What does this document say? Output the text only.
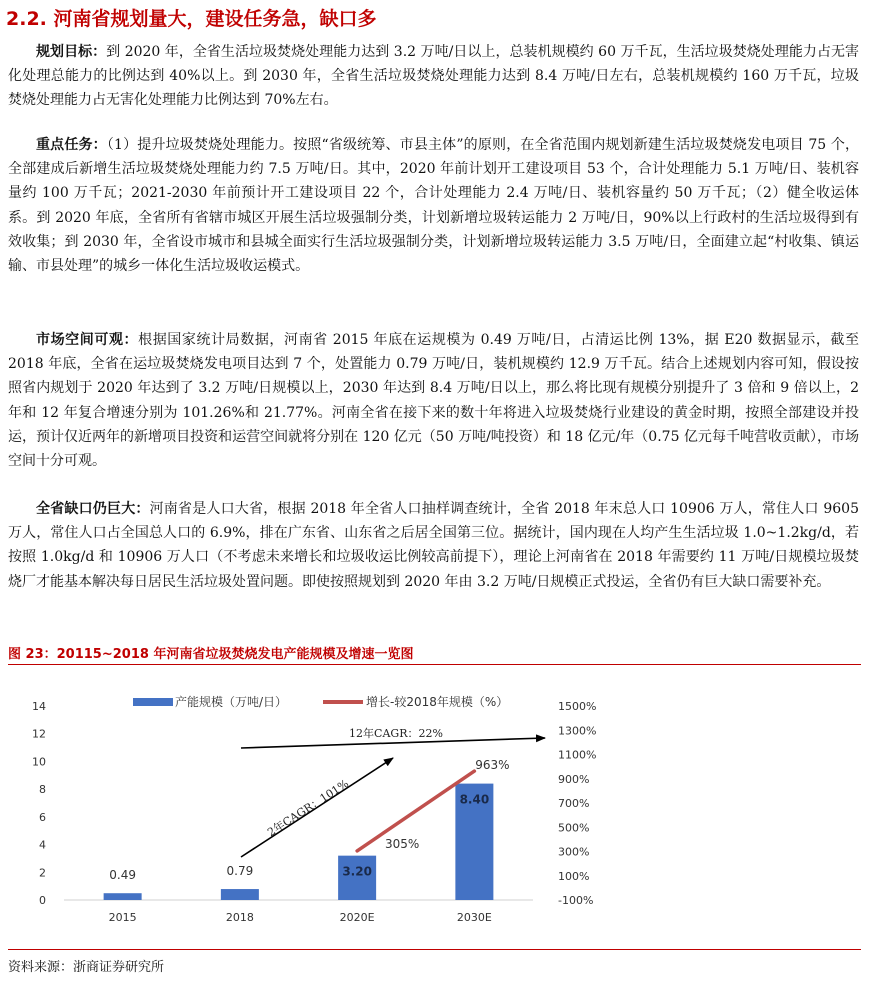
2.2. 河南省规划量大，建设任务急，缺口多

规划目标：到 2020 年，全省生活垃圾焚烧处理能力达到 3.2 万吨/日以上，总装机规模约 60 万千瓦，生活垃圾焚烧处理能力占无害化处理总能力的比例达到 40%以上。到 2030 年，全省生活垃圾焚烧处理能力达到 8.4 万吨/日左右，总装机规模约 160 万千瓦，垃圾焚烧处理能力占无害化处理能力比例达到 70%左右。

重点任务：（1）提升垃圾焚烧处理能力。按照“省级统筹、市县主体”的原则，在全省范围内规划新建生活垃圾焚烧发电项目 75 个，全部建成后新增生活垃圾焚烧处理能力约 7.5 万吨/日。其中，2020 年前计划开工建设项目 53 个，合计处理能力 5.1 万吨/日、装机容量约 100 万千瓦；2021-2030 年前预计开工建设项目 22 个，合计处理能力 2.4 万吨/日、装机容量约 50 万千瓦；（2）健全收运体系。到 2020 年底，全省所有省辖市城区开展生活垃圾强制分类，计划新增垃圾转运能力 2 万吨/日，90%以上行政村的生活垃圾得到有效收集；到 2030 年，全省设市城市和县城全面实行生活垃圾强制分类，计划新增垃圾转运能力 3.5 万吨/日，全面建立起“村收集、镇运输、市县处理”的城乡一体化生活垃圾收运模式。

市场空间可观：根据国家统计局数据，河南省 2015 年底在运规模为 0.49 万吨/日，占清运比例 13%，据 E20 数据显示，截至 2018 年底，全省在运垃圾焚烧发电项目达到 7 个，处置能力 0.79 万吨/日，装机规模约 12.9 万千瓦。结合上述规划内容可知，假设按照省内规划于 2020 年达到了 3.2 万吨/日规模以上，2030 年达到 8.4 万吨/日以上，那么将比现有规模分别提升了 3 倍和 9 倍以上，2 年和 12 年复合增速分别为 101.26%和 21.77%。河南全省在接下来的数十年将进入垃圾焚烧行业建设的黄金时期，按照全部建设并投运，预计仅近两年的新增项目投资和运营空间就将分别在 120 亿元（50 万吨/吨投资）和 18 亿元/年（0.75 亿元每千吨营收贡献），市场空间十分可观。

全省缺口仍巨大：河南省是人口大省，根据 2018 年全省人口抽样调查统计，全省 2018 年末总人口 10906 万人，常住人口 9605 万人，常住人口占全国总人口的 6.9%，排在广东省、山东省之后居全国第三位。据统计，国内现在人均产生生活垃圾 1.0~1.2kg/d，若按照 1.0kg/d 和 10906 万人口（不考虑未来增长和垃圾收运比例较高前提下），理论上河南省在 2018 年需要约 11 万吨/日规模垃圾焚烧厂才能基本解决每日居民生活垃圾处置问题。即使按照规划到 2020 年由 3.2 万吨/日规模正式投运，全省仍有巨大缺口需要补充。

图 23：20115~2018 年河南省垃圾焚烧发电产能规模及增速一览图

0
2
4
6
8
10
12
14
-100%
100%
300%
500%
700%
900%
1100%
1300%
1500%
0.49
2015
0.79
2018
3.20
2020E
8.40
2030E
305%
963%
2年CAGR：101%
12年CAGR：22%
产能规模（万吨/日）	增长-较2018年规模（%）

资料来源：浙商证券研究所
